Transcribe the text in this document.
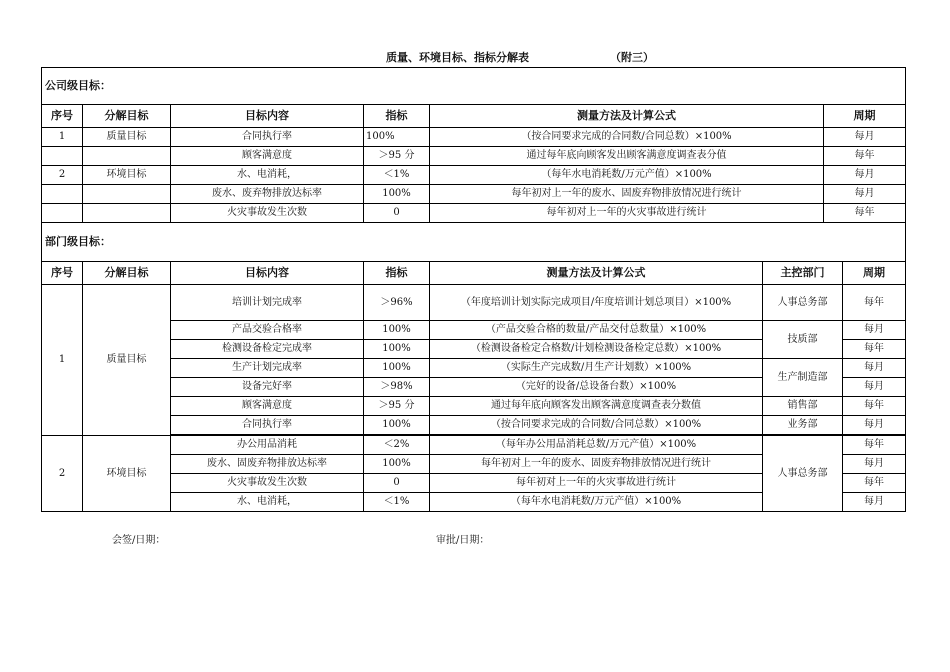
质量、环境目标、指标分解表	（附三）
公司级目标：					
序号	分解目标	目标内容	指标	测量方法及计算公式	周期
1	质量目标	合同执行率	100%	（按合同要求完成的合同数/合同总数）×100%	每月
		顾客满意度	＞95 分	通过每年底向顾客发出顾客满意度调查表分值	每年
2	环境目标	水、电消耗，	＜1%	（每年水电消耗数/万元产值）×100%	每月
		废水、废弃物排放达标率	100%	每年初对上一年的废水、固废弃物排放情况进行统计	每月
		火灾事故发生次数	0	每年初对上一年的火灾事故进行统计	每年
部门级目标：						
序号	分解目标	目标内容	指标	测量方法及计算公式	主控部门	周期
1	质量目标	培训计划完成率	＞96%	（年度培训计划实际完成项目/年度培训计划总项目）×100%	人事总务部	每年
		产品交验合格率	100%	（产品交验合格的数量/产品交付总数量）×100%	技质部	每月
		检测设备检定完成率	100%	（检测设备检定合格数/计划检测设备检定总数）×100%		每年
		生产计划完成率	100%	（实际生产完成数/月生产计划数）×100%	生产制造部	每月
		设备完好率	＞98%	（完好的设备/总设备台数）×100%		每月
		顾客满意度	＞95 分	通过每年底向顾客发出顾客满意度调查表分数值	销售部	每年
		合同执行率	100%	（按合同要求完成的合同数/合同总数）×100%	业务部	每月

2	环境目标	办公用品消耗	＜2%	（每年办公用品消耗总数/万元产值）×100%	人事总务部	每年
		废水、固废弃物排放达标率	100%	每年初对上一年的废水、固废弃物排放情况进行统计		每月
		火灾事故发生次数	0	每年初对上一年的火灾事故进行统计		每年
		水、电消耗，	＜1%	（每年水电消耗数/万元产值）×100%		每月
会签/日期：	审批/日期：
